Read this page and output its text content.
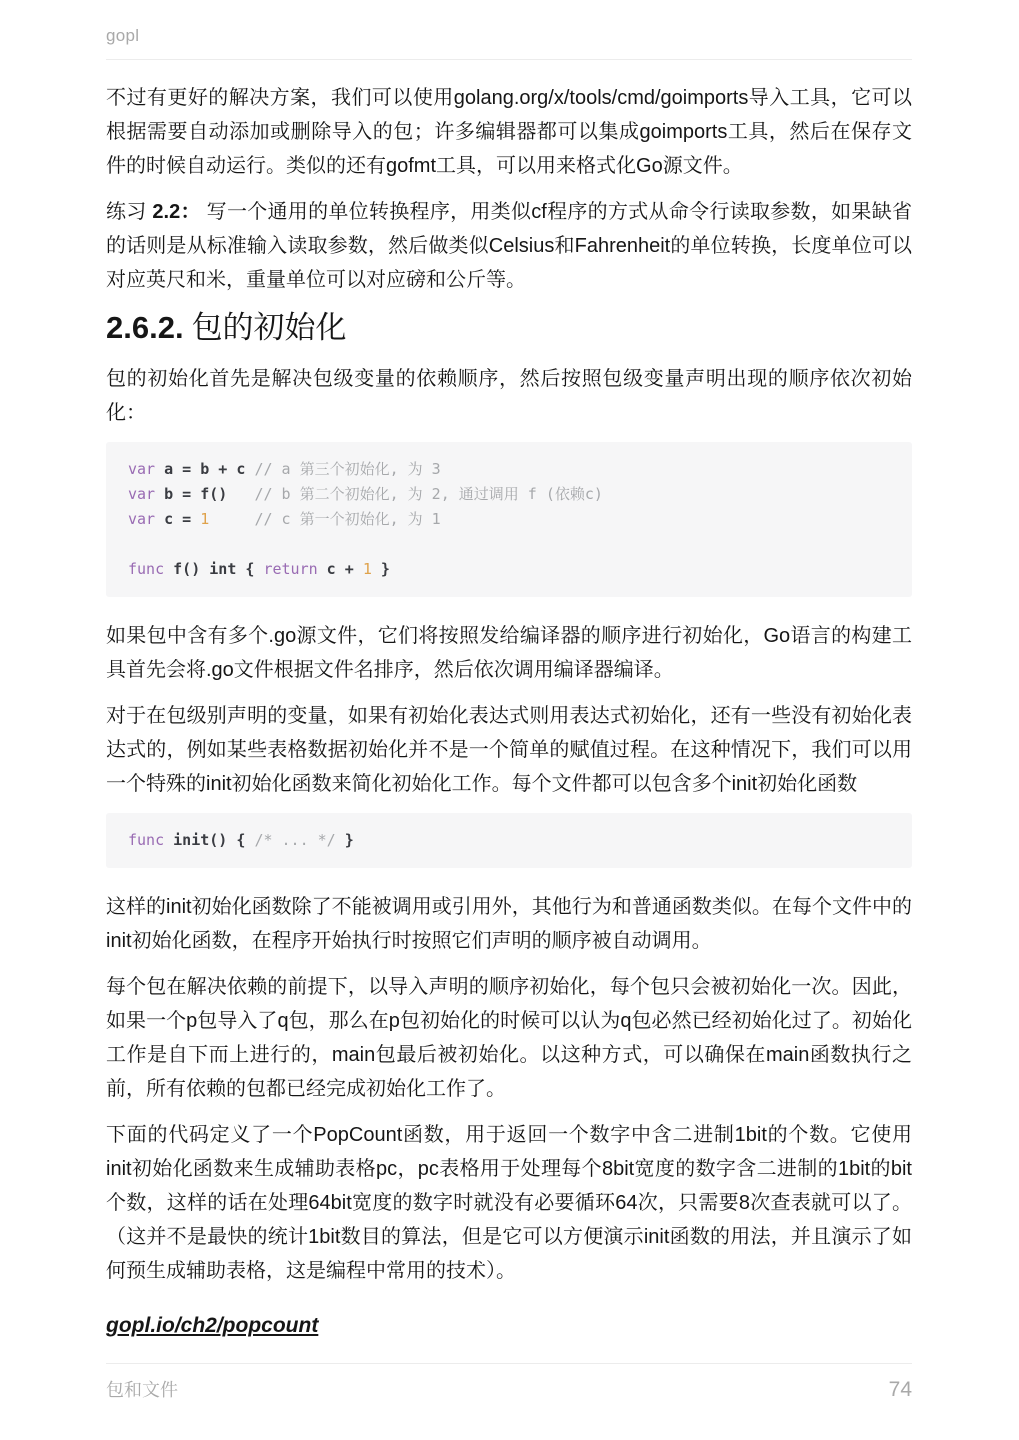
gopl

不过有更好的解决方案，我们可以使用golang.org/x/tools/cmd/goimports导入工具，它可以根据需要自动添加或删除导入的包；许多编辑器都可以集成goimports工具，然后在保存文件的时候自动运行。类似的还有gofmt工具，可以用来格式化Go源文件。

练习 2.2： 写一个通用的单位转换程序，用类似cf程序的方式从命令行读取参数，如果缺省的话则是从标准输入读取参数，然后做类似Celsius和Fahrenheit的单位转换，长度单位可以对应英尺和米，重量单位可以对应磅和公斤等。

2.6.2. 包的初始化

包的初始化首先是解决包级变量的依赖顺序，然后按照包级变量声明出现的顺序依次初始化：

var a = b + c // a 第三个初始化, 为 3
var b = f()   // b 第二个初始化, 为 2, 通过调用 f (依赖c)
var c = 1	// c 第一个初始化, 为 1

func f() int { return c + 1 }

如果包中含有多个.go源文件，它们将按照发给编译器的顺序进行初始化，Go语言的构建工具首先会将.go文件根据文件名排序，然后依次调用编译器编译。

对于在包级别声明的变量，如果有初始化表达式则用表达式初始化，还有一些没有初始化表达式的，例如某些表格数据初始化并不是一个简单的赋值过程。在这种情况下，我们可以用一个特殊的init初始化函数来简化初始化工作。每个文件都可以包含多个init初始化函数

func init() { /* ... */ }

这样的init初始化函数除了不能被调用或引用外，其他行为和普通函数类似。在每个文件中的init初始化函数，在程序开始执行时按照它们声明的顺序被自动调用。

每个包在解决依赖的前提下，以导入声明的顺序初始化，每个包只会被初始化一次。因此，如果一个p包导入了q包，那么在p包初始化的时候可以认为q包必然已经初始化过了。初始化工作是自下而上进行的，main包最后被初始化。以这种方式，可以确保在main函数执行之前，所有依赖的包都已经完成初始化工作了。

下面的代码定义了一个PopCount函数，用于返回一个数字中含二进制1bit的个数。它使用init初始化函数来生成辅助表格pc，pc表格用于处理每个8bit宽度的数字含二进制的1bit的bit个数，这样的话在处理64bit宽度的数字时就没有必要循环64次，只需要8次查表就可以了。（这并不是最快的统计1bit数目的算法，但是它可以方便演示init函数的用法，并且演示了如何预生成辅助表格，这是编程中常用的技术）。

gopl.io/ch2/popcount
包和文件	74
